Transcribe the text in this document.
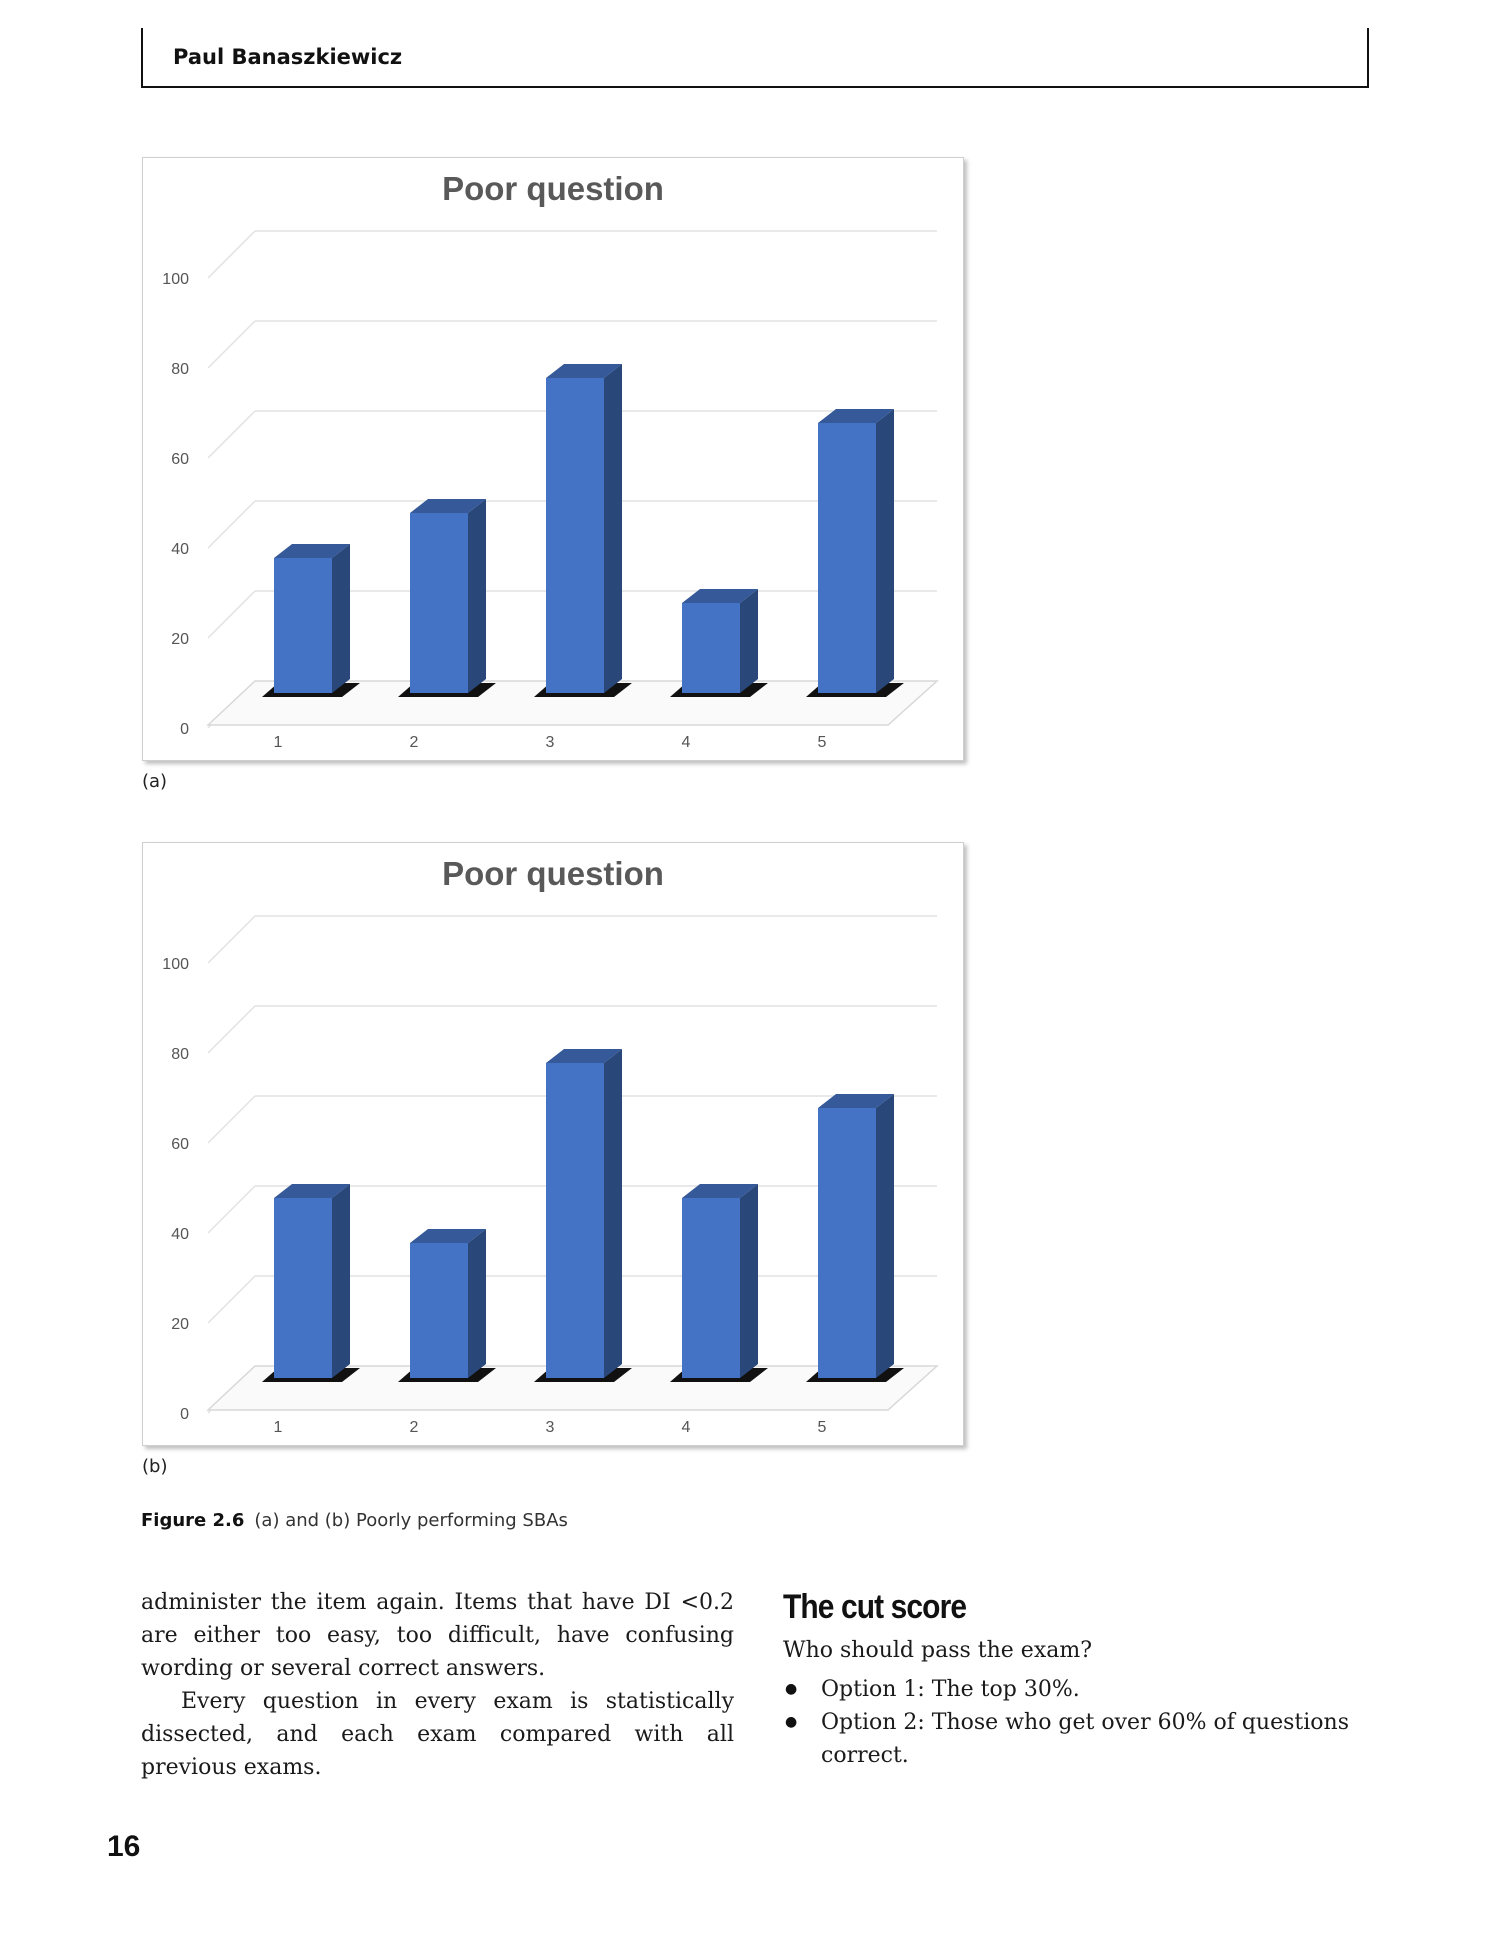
Paul Banaszkiewicz
Poor question
0
20
40
60
80
100
1	2	3	4	5
(a)
Poor question
0
20
40
60
80
100
1	2	3	4	5
(b)
Figure 2.6 (a) and (b) Poorly performing SBAs

administer the item again. Items that have DI <0.2 are either too easy, too difficult, have confusing wording or several correct answers.

Every question in every exam is statistically dissected, and each exam compared with all previous exams.

The cut score

Who should pass the exam?

● Option 1: The top 30%.
● Option 2: Those who get over 60% of questions correct.
16
